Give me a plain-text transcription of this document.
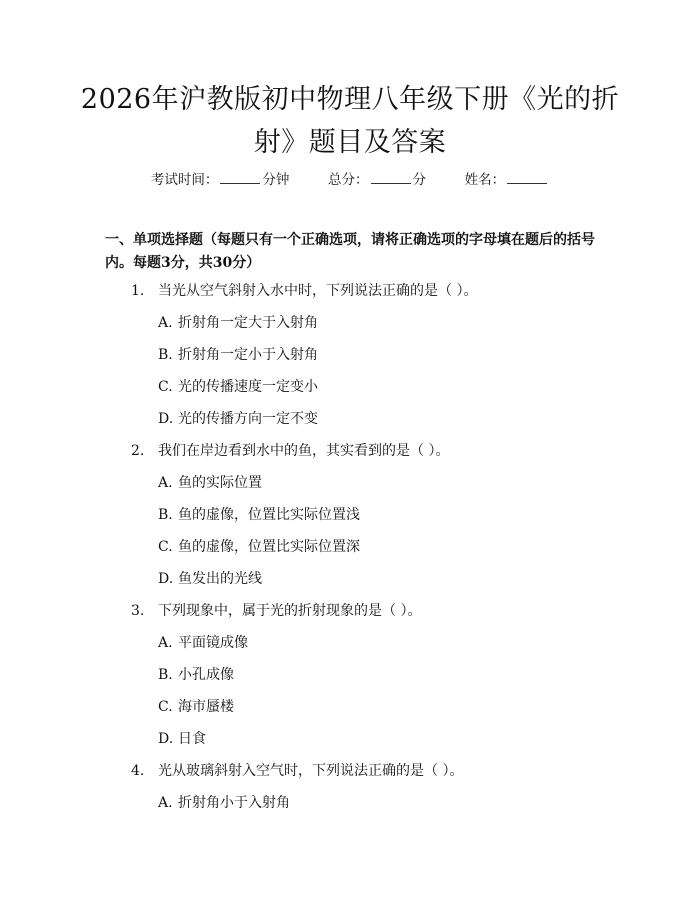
2026年沪教版初中物理八年级下册《光的折射》题目及答案
考试时间：	分钟	总分：	分	姓名：
一、单项选择题（每题只有一个正确选项，请将正确选项的字母填在题后的括号内。每题3分，共30分）
1. 当光从空气斜射入水中时，下列说法正确的是（ ）。
A. 折射角一定大于入射角
B. 折射角一定小于入射角
C. 光的传播速度一定变小
D. 光的传播方向一定不变
2. 我们在岸边看到水中的鱼，其实看到的是（ ）。
A. 鱼的实际位置
B. 鱼的虚像，位置比实际位置浅
C. 鱼的虚像，位置比实际位置深
D. 鱼发出的光线
3. 下列现象中，属于光的折射现象的是（ ）。
A. 平面镜成像
B. 小孔成像
C. 海市蜃楼
D. 日食
4. 光从玻璃斜射入空气时，下列说法正确的是（ ）。
A. 折射角小于入射角
